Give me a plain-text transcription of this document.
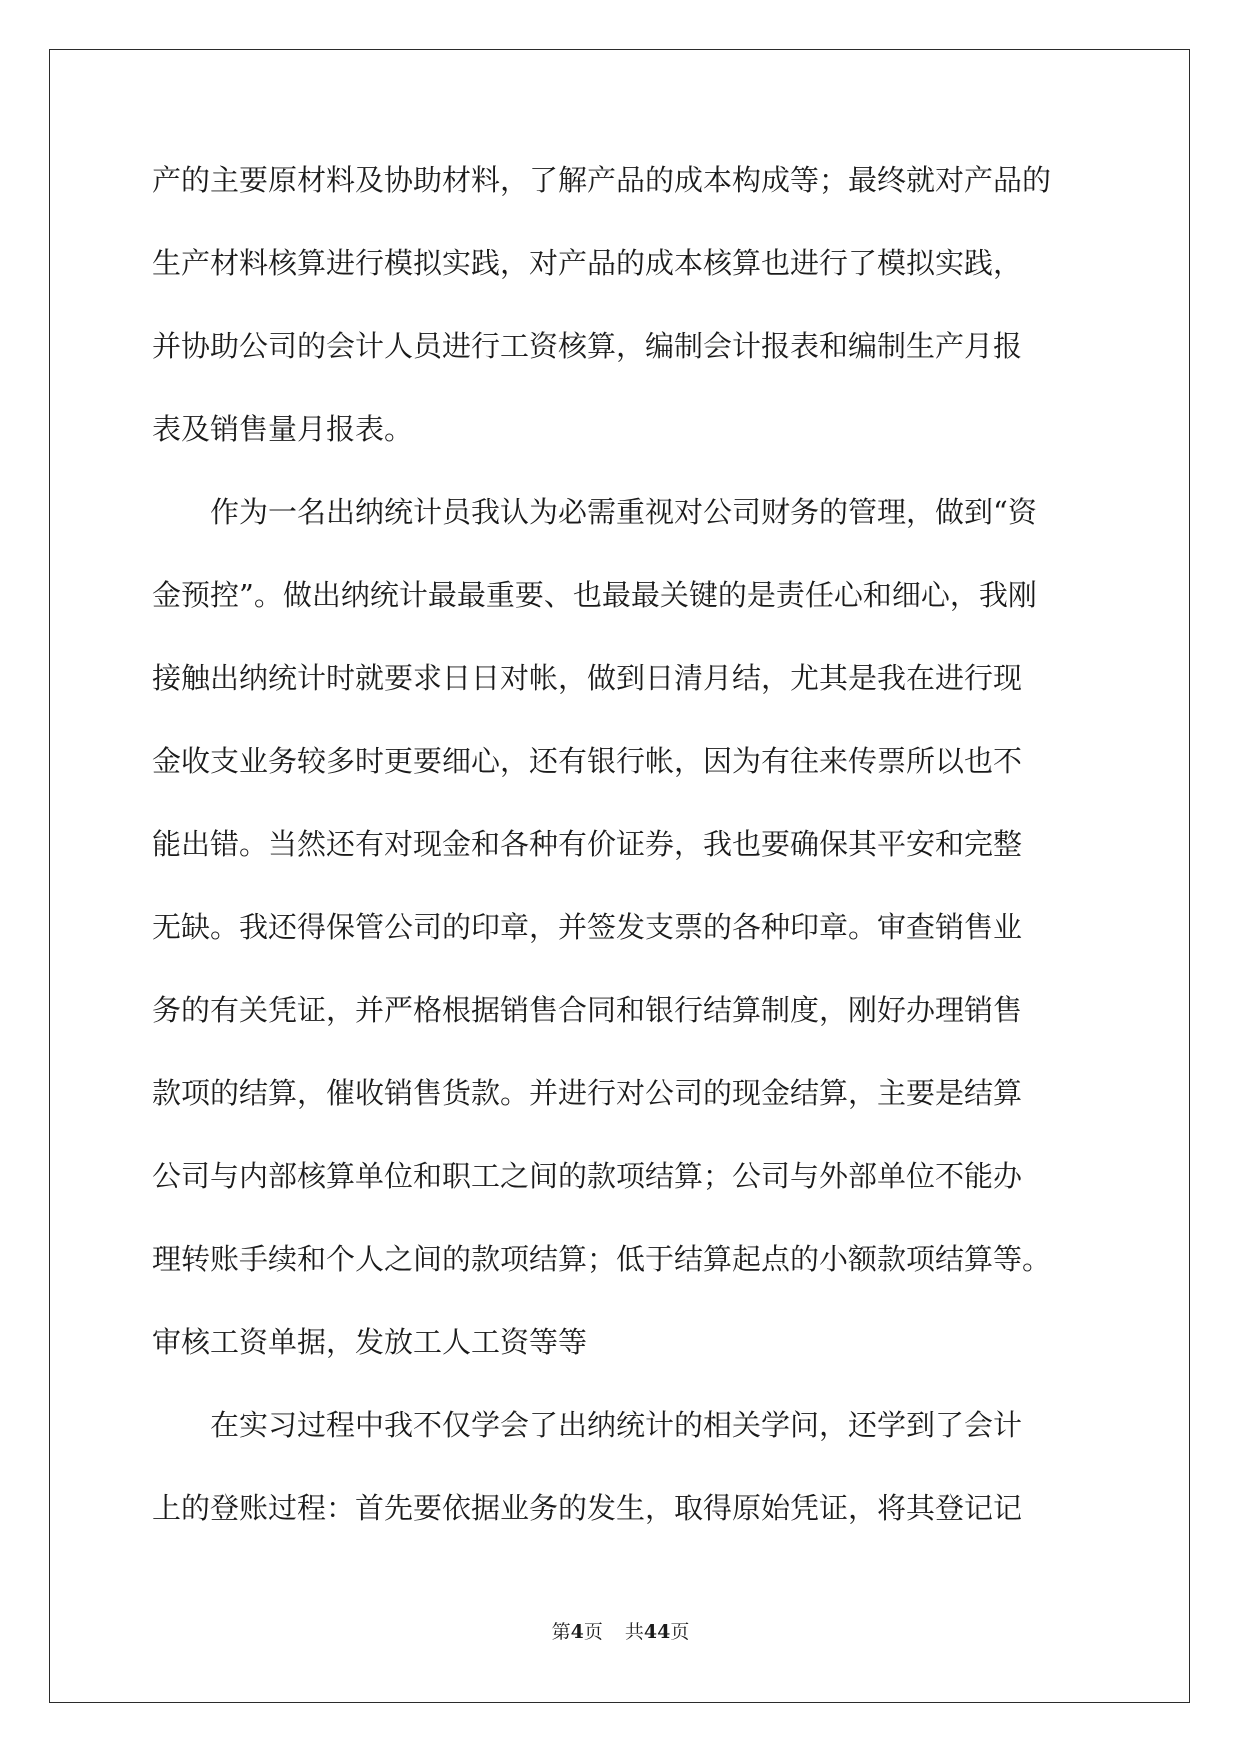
产的主要原材料及协助材料，了解产品的成本构成等；最终就对产品的
生产材料核算进行模拟实践，对产品的成本核算也进行了模拟实践，
并协助公司的会计人员进行工资核算，编制会计报表和编制生产月报
表及销售量月报表。
　　作为一名出纳统计员我认为必需重视对公司财务的管理，做到“资
金预控”。做出纳统计最最重要、也最最关键的是责任心和细心，我刚
接触出纳统计时就要求日日对帐，做到日清月结，尤其是我在进行现
金收支业务较多时更要细心，还有银行帐，因为有往来传票所以也不
能出错。当然还有对现金和各种有价证券，我也要确保其平安和完整
无缺。我还得保管公司的印章，并签发支票的各种印章。审查销售业
务的有关凭证，并严格根据销售合同和银行结算制度，刚好办理销售
款项的结算，催收销售货款。并进行对公司的现金结算，主要是结算
公司与内部核算单位和职工之间的款项结算；公司与外部单位不能办
理转账手续和个人之间的款项结算；低于结算起点的小额款项结算等。
审核工资单据，发放工人工资等等
　　在实习过程中我不仅学会了出纳统计的相关学问，还学到了会计
上的登账过程：首先要依据业务的发生，取得原始凭证，将其登记记
第4页 共44页
